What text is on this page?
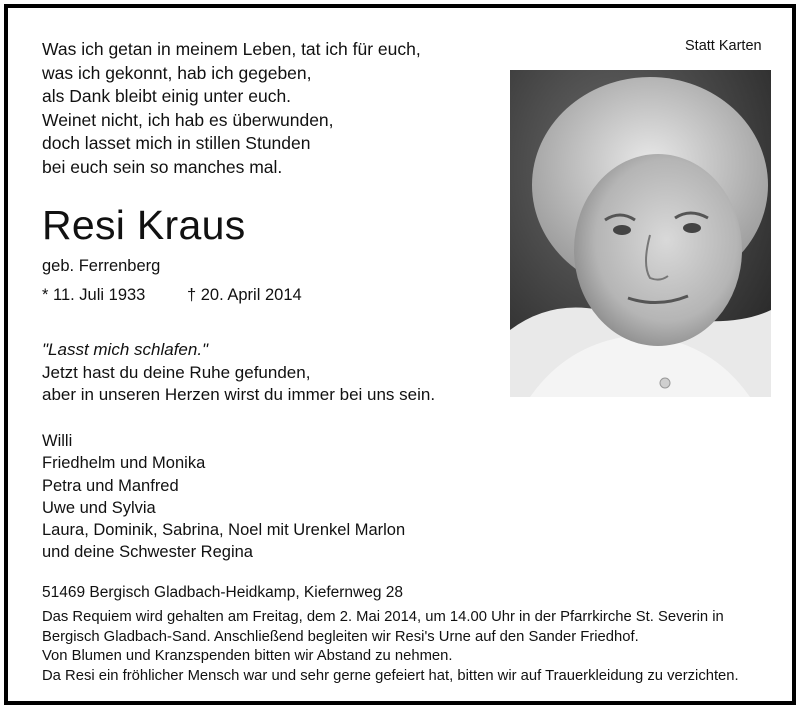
Was ich getan in meinem Leben, tat ich für euch,
was ich gekonnt, hab ich gegeben,
als Dank bleibt einig unter euch.
Weinet nicht, ich hab es überwunden,
doch lasset mich in stillen Stunden
bei euch sein so manches mal.
Statt Karten
Resi Kraus
geb. Ferrenberg
* 11. Juli 1933	† 20. April 2014
"Lasst mich schlafen."
Jetzt hast du deine Ruhe gefunden,
aber in unseren Herzen wirst du immer bei uns sein.
Willi
Friedhelm und Monika
Petra und Manfred
Uwe und Sylvia
Laura, Dominik, Sabrina, Noel mit Urenkel Marlon
und deine Schwester Regina
51469 Bergisch Gladbach-Heidkamp, Kiefernweg 28
Das Requiem wird gehalten am Freitag, dem 2. Mai 2014, um 14.00 Uhr in der Pfarrkirche St. Severin in
Bergisch Gladbach-Sand. Anschließend begleiten wir Resi's Urne auf den Sander Friedhof.
Von Blumen und Kranzspenden bitten wir Abstand zu nehmen.
Da Resi ein fröhlicher Mensch war und sehr gerne gefeiert hat, bitten wir auf Trauerkleidung zu verzichten.
